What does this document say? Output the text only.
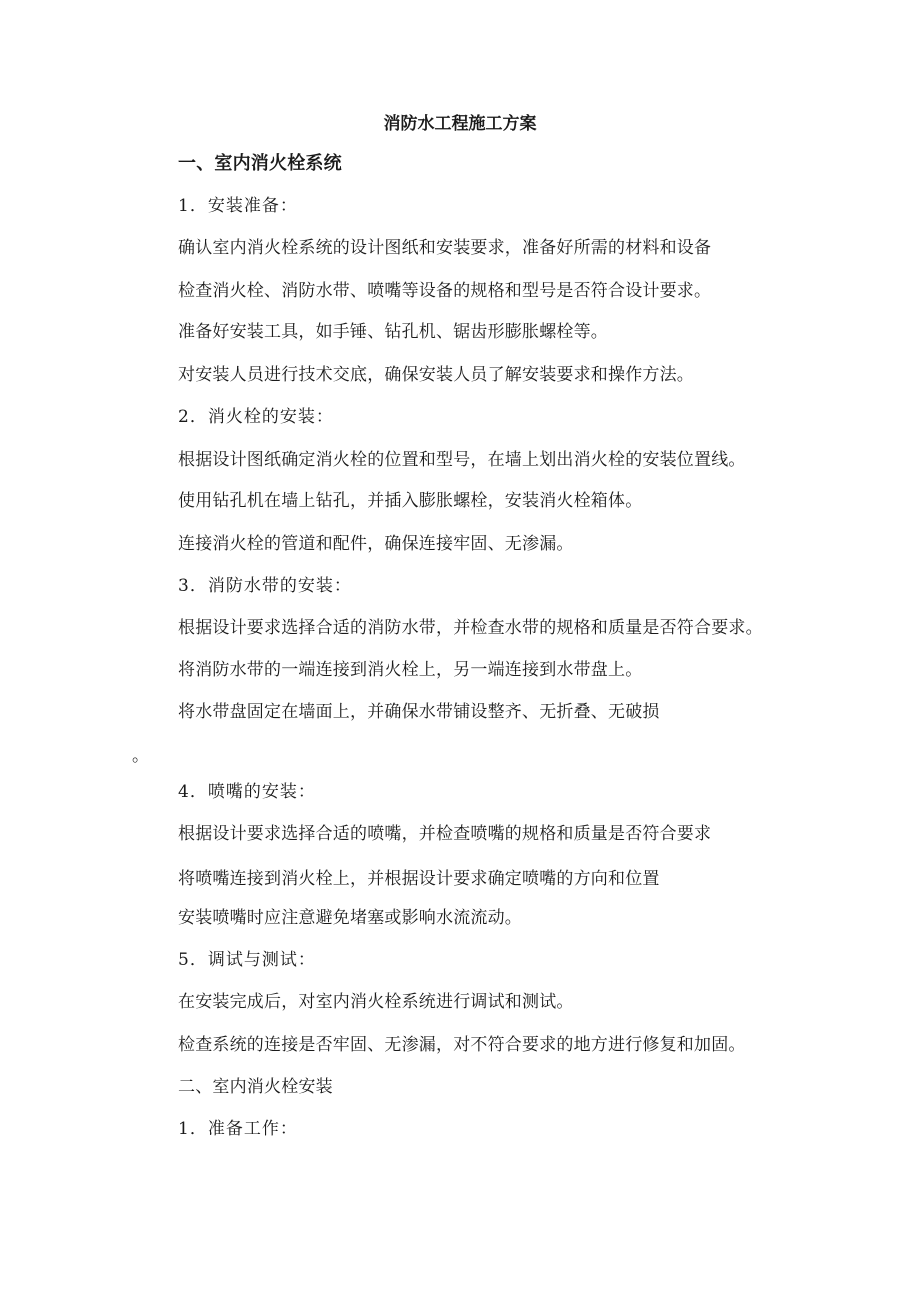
消防水工程施工方案
一、室内消火栓系统
1．安装准备：
确认室内消火栓系统的设计图纸和安装要求，准备好所需的材料和设备
检查消火栓、消防水带、喷嘴等设备的规格和型号是否符合设计要求。
准备好安装工具，如手锤、钻孔机、锯齿形膨胀螺栓等。
对安装人员进行技术交底，确保安装人员了解安装要求和操作方法。
2．消火栓的安装：
根据设计图纸确定消火栓的位置和型号，在墙上划出消火栓的安装位置线。
使用钻孔机在墙上钻孔，并插入膨胀螺栓，安装消火栓箱体。
连接消火栓的管道和配件，确保连接牢固、无渗漏。
3．消防水带的安装：
根据设计要求选择合适的消防水带，并检查水带的规格和质量是否符合要求。
将消防水带的一端连接到消火栓上，另一端连接到水带盘上。
将水带盘固定在墙面上，并确保水带铺设整齐、无折叠、无破损
。
4．喷嘴的安装：
根据设计要求选择合适的喷嘴，并检查喷嘴的规格和质量是否符合要求
将喷嘴连接到消火栓上，并根据设计要求确定喷嘴的方向和位置
安装喷嘴时应注意避免堵塞或影响水流流动。
5．调试与测试：
在安装完成后，对室内消火栓系统进行调试和测试。
检查系统的连接是否牢固、无渗漏，对不符合要求的地方进行修复和加固。
二、室内消火栓安装
1．准备工作：
